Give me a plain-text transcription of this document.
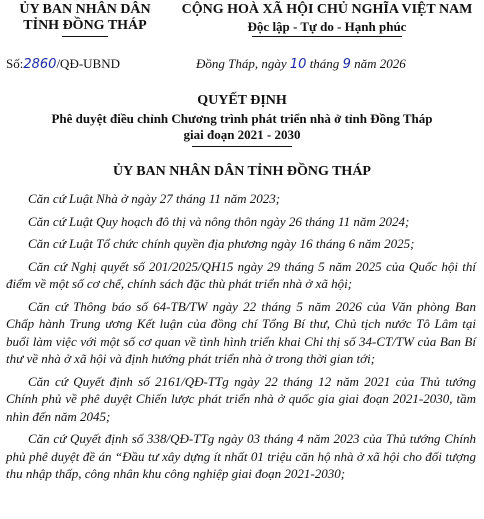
ỦY BAN NHÂN DÂN
TỈNH ĐỒNG THÁP
CỘNG HOÀ XÃ HỘI CHỦ NGHĨA VIỆT NAM
Độc lập - Tự do - Hạnh phúc
Số:2860/QĐ-UBND	Đồng Tháp, ngày 10 tháng 9 năm 2026
QUYẾT ĐỊNH
Phê duyệt điều chỉnh Chương trình phát triển nhà ở tỉnh Đồng Tháp giai đoạn 2021 - 2030
ỦY BAN NHÂN DÂN TỈNH ĐỒNG THÁP

Căn cứ Luật Nhà ở ngày 27 tháng 11 năm 2023;

Căn cứ Luật Quy hoạch đô thị và nông thôn ngày 26 tháng 11 năm 2024;

Căn cứ Luật Tổ chức chính quyền địa phương ngày 16 tháng 6 năm 2025;

Căn cứ Nghị quyết số 201/2025/QH15 ngày 29 tháng 5 năm 2025 của Quốc hội thí điểm về một số cơ chế, chính sách đặc thù phát triển nhà ở xã hội;

Căn cứ Thông báo số 64-TB/TW ngày 22 tháng 5 năm 2026 của Văn phòng Ban Chấp hành Trung ương Kết luận của đồng chí Tổng Bí thư, Chủ tịch nước Tô Lâm tại buổi làm việc với một số cơ quan về tình hình triển khai Chỉ thị số 34-CT/TW của Ban Bí thư về nhà ở xã hội và định hướng phát triển nhà ở trong thời gian tới;

Căn cứ Quyết định số 2161/QĐ-TTg ngày 22 tháng 12 năm 2021 của Thủ tướng Chính phủ về phê duyệt Chiến lược phát triển nhà ở quốc gia giai đoạn 2021-2030, tầm nhìn đến năm 2045;

Căn cứ Quyết định số 338/QĐ-TTg ngày 03 tháng 4 năm 2023 của Thủ tướng Chính phủ phê duyệt đề án “Đầu tư xây dựng ít nhất 01 triệu căn hộ nhà ở xã hội cho đối tượng thu nhập thấp, công nhân khu công nghiệp giai đoạn 2021-2030;
